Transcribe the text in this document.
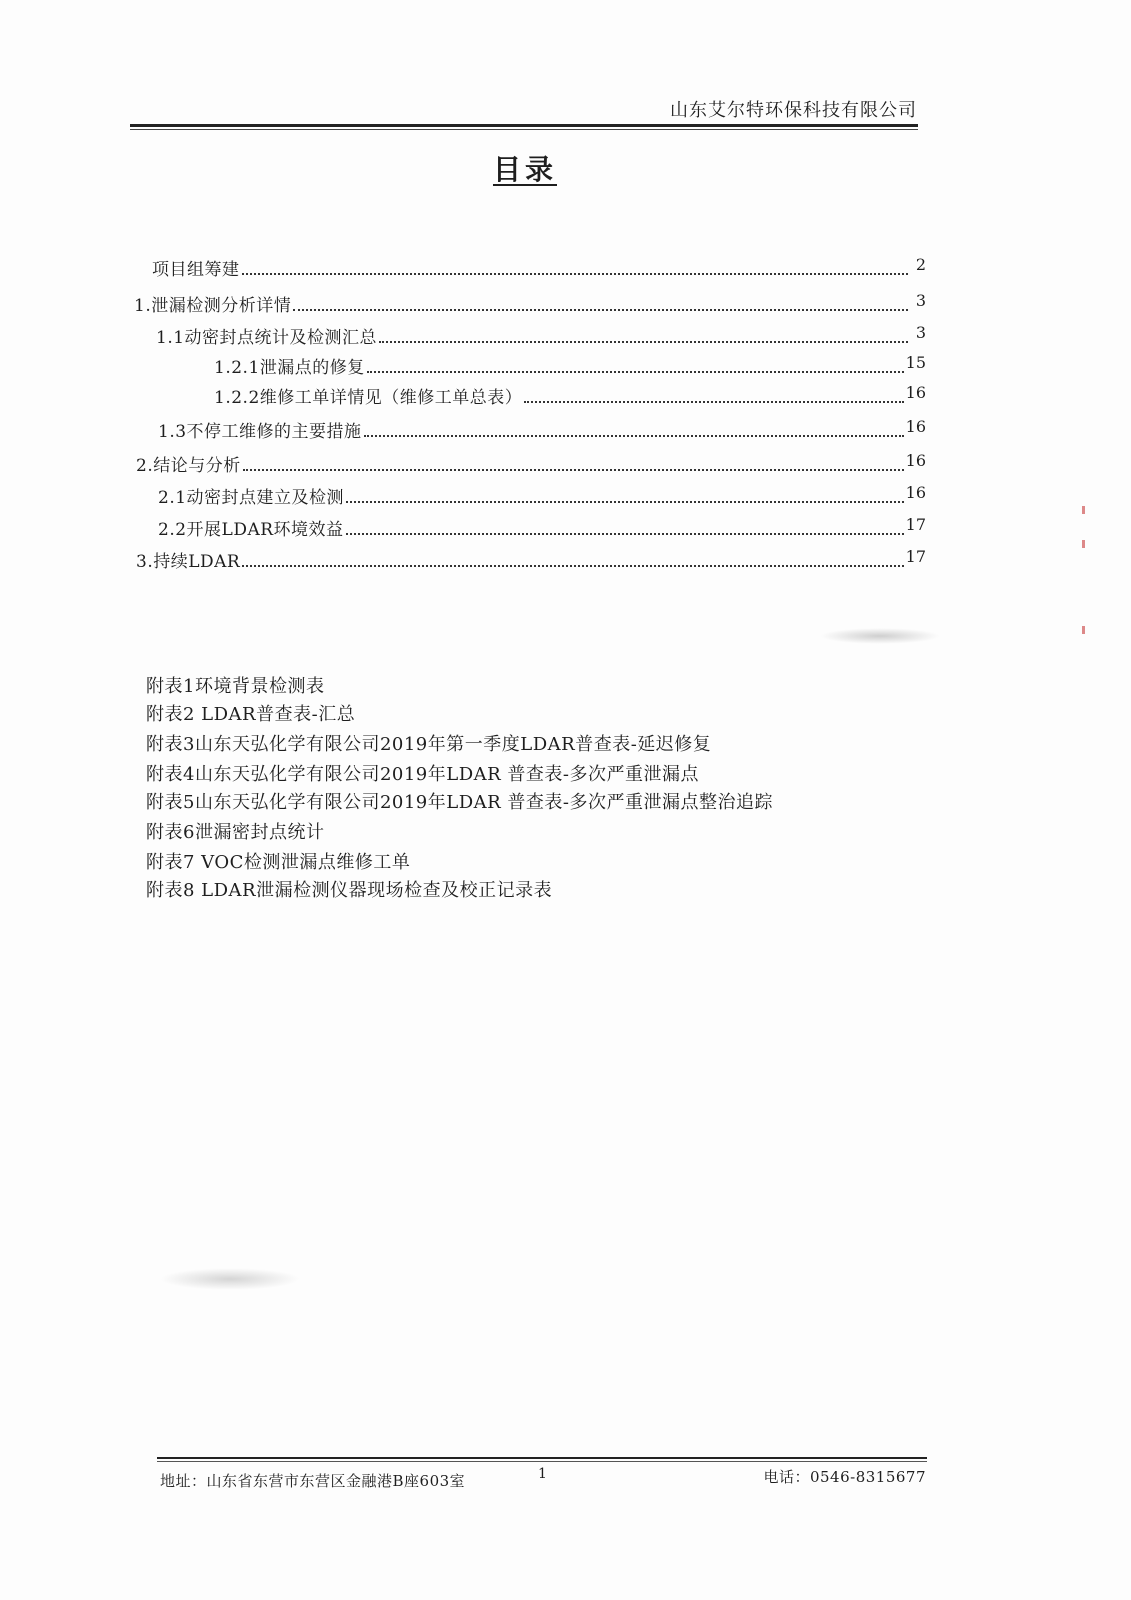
山东艾尔特环保科技有限公司
目录
项目组筹建	2
1.泄漏检测分析详情	3
1.1动密封点统计及检测汇总	3
1.2.1泄漏点的修复	15
1.2.2维修工单详情见（维修工单总表）	16
1.3不停工维修的主要措施	16
2.结论与分析	16
2.1动密封点建立及检测	16
2.2开展LDAR环境效益	17
3.持续LDAR	17
附表1环境背景检测表
附表2 LDAR普查表-汇总
附表3山东天弘化学有限公司2019年第一季度LDAR普查表-延迟修复
附表4山东天弘化学有限公司2019年LDAR 普查表-多次严重泄漏点
附表5山东天弘化学有限公司2019年LDAR 普查表-多次严重泄漏点整治追踪
附表6泄漏密封点统计
附表7 VOC检测泄漏点维修工单
附表8 LDAR泄漏检测仪器现场检查及校正记录表
地址：山东省东营市东营区金融港B座603室	1	电话：0546-8315677
